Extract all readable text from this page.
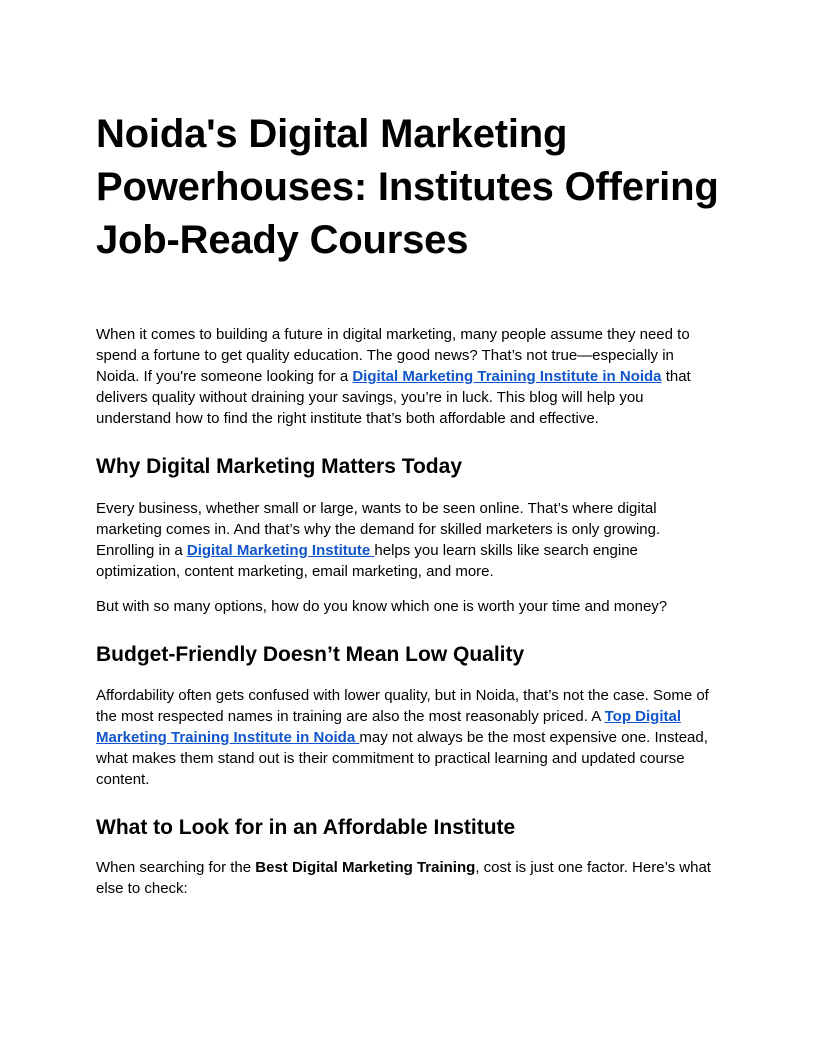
Noida's Digital Marketing Powerhouses: Institutes Offering Job-Ready Courses

When it comes to building a future in digital marketing, many people assume they need to spend a fortune to get quality education. The good news? That’s not true—especially in Noida. If you're someone looking for a Digital Marketing Training Institute in Noida that delivers quality without draining your savings, you’re in luck. This blog will help you understand how to find the right institute that’s both affordable and effective.

Why Digital Marketing Matters Today

Every business, whether small or large, wants to be seen online. That’s where digital marketing comes in. And that’s why the demand for skilled marketers is only growing. Enrolling in a Digital Marketing Institute helps you learn skills like search engine optimization, content marketing, email marketing, and more.

But with so many options, how do you know which one is worth your time and money?

Budget-Friendly Doesn’t Mean Low Quality

Affordability often gets confused with lower quality, but in Noida, that’s not the case. Some of the most respected names in training are also the most reasonably priced. A Top Digital Marketing Training Institute in Noida may not always be the most expensive one. Instead, what makes them stand out is their commitment to practical learning and updated course content.

What to Look for in an Affordable Institute

When searching for the Best Digital Marketing Training, cost is just one factor. Here’s what else to check:
